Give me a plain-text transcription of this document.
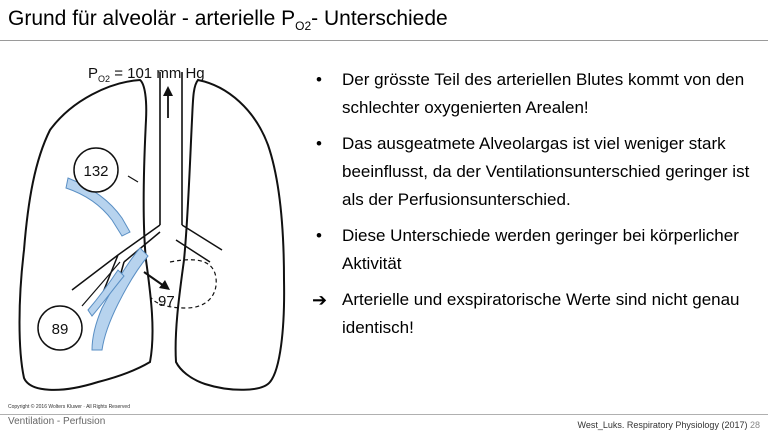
Grund für alveolär - arterielle $P_{O2}-$ Unterschiede
$P_{O2} = 101$ mm Hg
132
89
97
Copyright © 2016 Wolters Kluwer · All Rights Reserved
• Der grösste Teil des arteriellen Blutes kommt von den schlechter oxygenierten Arealen!
• Das ausgeatmete Alveolargas ist viel weniger stark beeinflusst, da der Ventilationsunterschied geringer ist als der Perfusionsunterschied.
• Diese Unterschiede werden geringer bei körperlicher Aktivität
➔ Arterielle und exspiratorische Werte sind nicht genau identisch!
Ventilation - Perfusion	West_Luks. Respiratory Physiology (2017) 28
